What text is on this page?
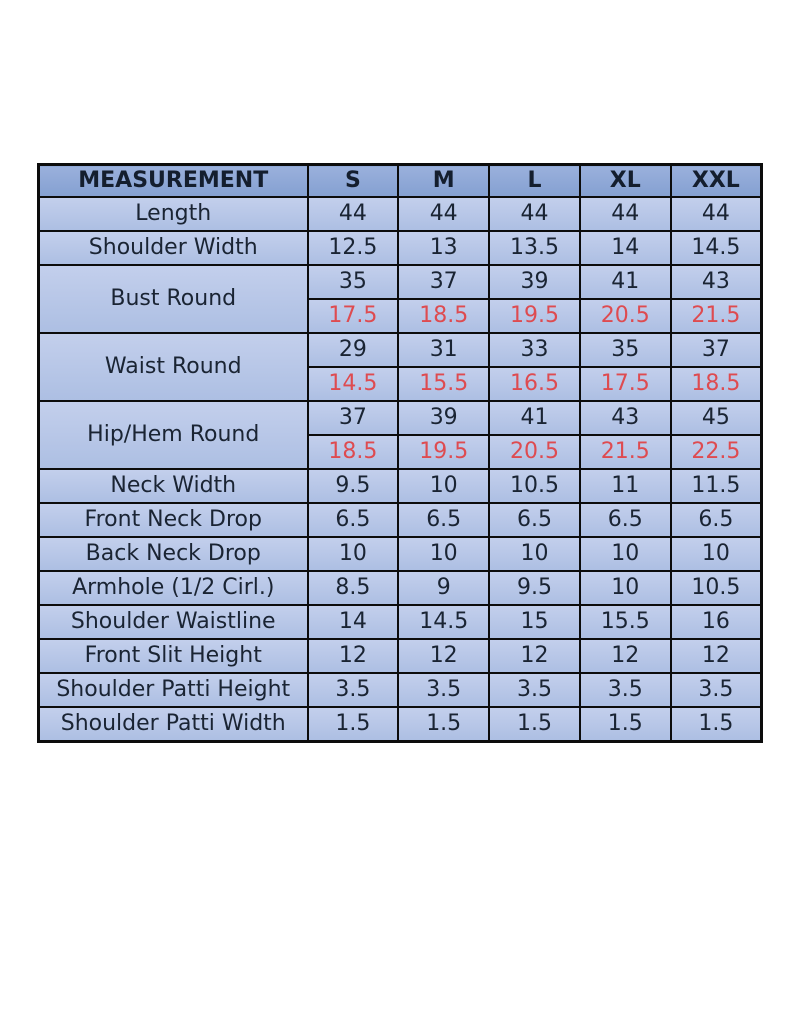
MEASUREMENT	S	M	L	XL	XXL
Length	44	44	44	44	44
Shoulder Width	12.5	13	13.5	14	14.5
Bust Round	35	37	39	41	43
	17.5	18.5	19.5	20.5	21.5
Waist Round	29	31	33	35	37
	14.5	15.5	16.5	17.5	18.5
Hip/Hem Round	37	39	41	43	45
	18.5	19.5	20.5	21.5	22.5
Neck Width	9.5	10	10.5	11	11.5
Front Neck Drop	6.5	6.5	6.5	6.5	6.5
Back Neck Drop	10	10	10	10	10
Armhole (1/2 Cirl.)	8.5	9	9.5	10	10.5
Shoulder Waistline	14	14.5	15	15.5	16
Front Slit Height	12	12	12	12	12
Shoulder Patti Height	3.5	3.5	3.5	3.5	3.5
Shoulder Patti Width	1.5	1.5	1.5	1.5	1.5
